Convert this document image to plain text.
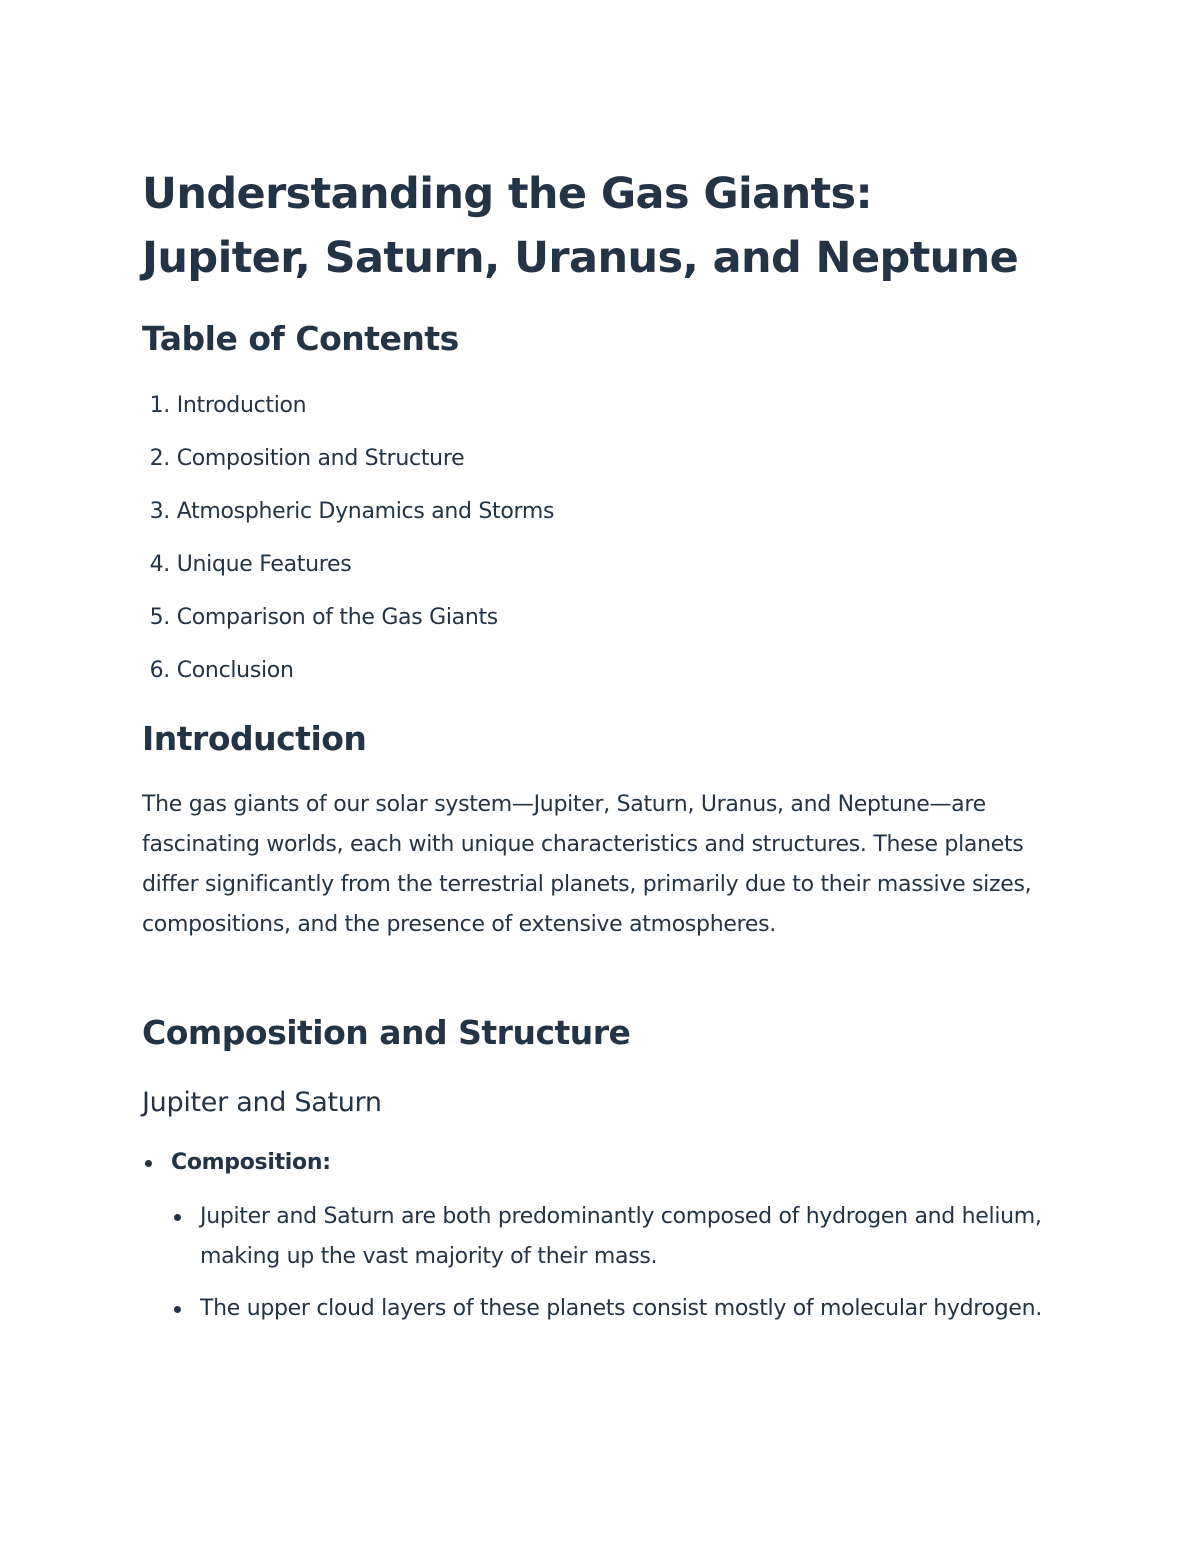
Understanding the Gas Giants: Jupiter, Saturn, Uranus, and Neptune
Table of Contents
1.
Introduction
2.
Composition and Structure
3.
Atmospheric Dynamics and Storms
4.
Unique Features
5.
Comparison of the Gas Giants
6.
Conclusion
Introduction

The gas giants of our solar system—Jupiter, Saturn, Uranus, and Neptune—are fascinating worlds, each with unique characteristics and structures. These planets differ significantly from the terrestrial planets, primarily due to their massive sizes, compositions, and the presence of extensive atmospheres.

Composition and Structure
Jupiter and Saturn
Composition:
Jupiter and Saturn are both predominantly composed of hydrogen and helium, making up the vast majority of their mass.
The upper cloud layers of these planets consist mostly of molecular hydrogen.
